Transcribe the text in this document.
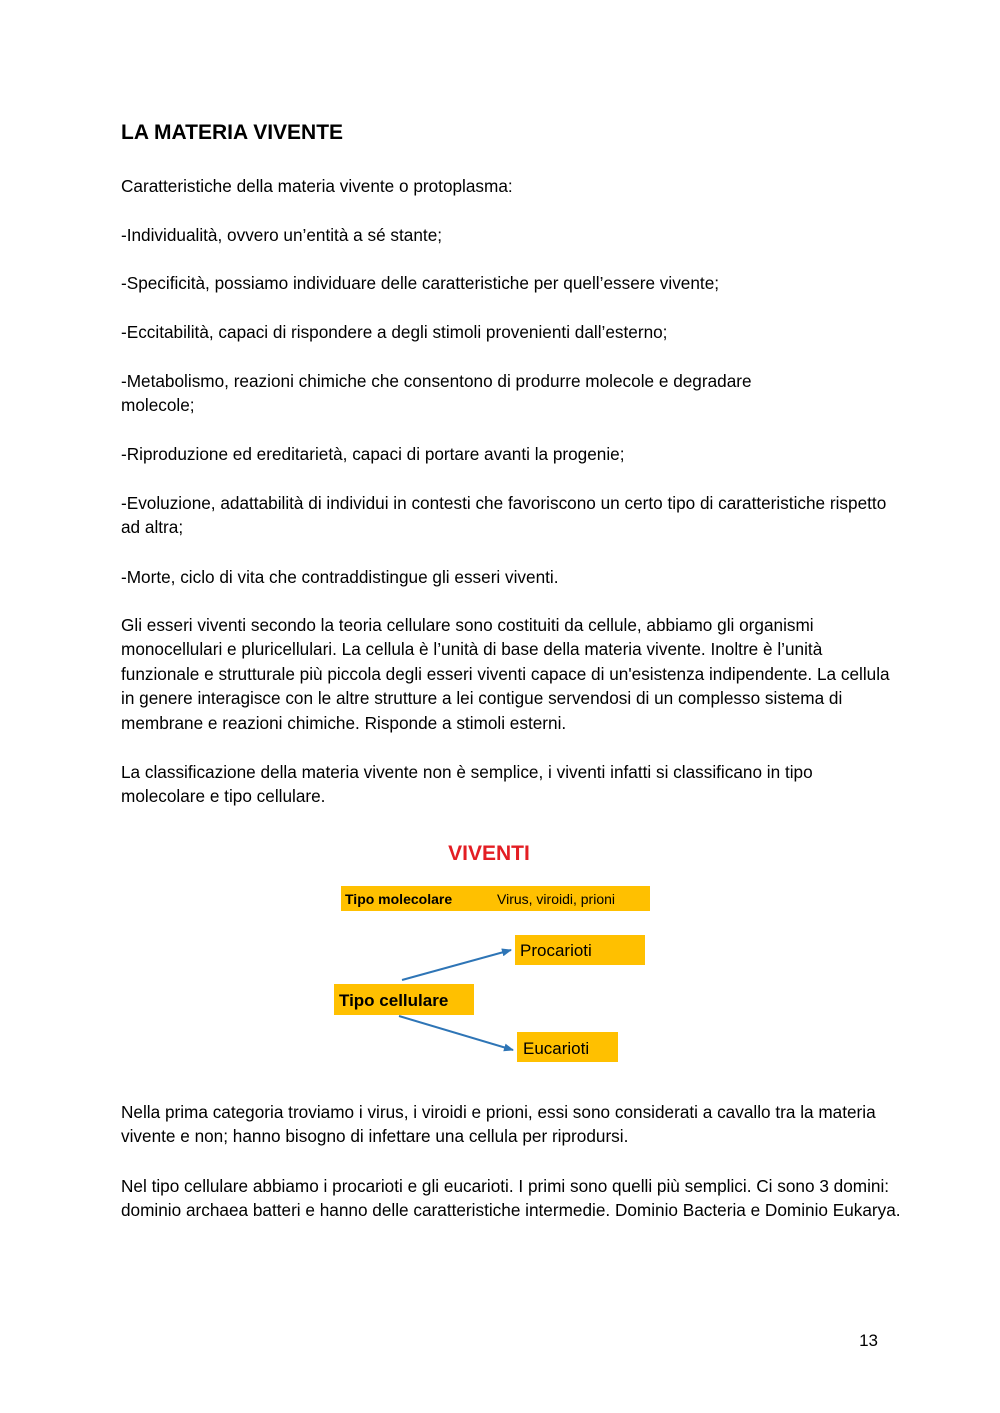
LA MATERIA VIVENTE

Caratteristiche della materia vivente o protoplasma:

-Individualità, ovvero un’entità a sé stante;

-Specificità, possiamo individuare delle caratteristiche per quell’essere vivente;

-Eccitabilità, capaci di rispondere a degli stimoli provenienti dall’esterno;

-Metabolismo, reazioni chimiche che consentono di produrre molecole e degradare molecole;

-Riproduzione ed ereditarietà, capaci di portare avanti la progenie;

-Evoluzione, adattabilità di individui in contesti che favoriscono un certo tipo di caratteristiche rispetto ad altra;

-Morte, ciclo di vita che contraddistingue gli esseri viventi.

Gli esseri viventi secondo la teoria cellulare sono costituiti da cellule, abbiamo gli organismi monocellulari e pluricellulari. La cellula è l’unità di base della materia vivente. Inoltre è l’unità funzionale e strutturale più piccola degli esseri viventi capace di un'esistenza indipendente. La cellula in genere interagisce con le altre strutture a lei contigue servendosi di un complesso sistema di membrane e reazioni chimiche. Risponde a stimoli esterni.

La classificazione della materia vivente non è semplice, i viventi infatti si classificano in tipo molecolare e tipo cellulare.

VIVENTI
Tipo molecolare	Virus, viroidi, prioni
Procarioti
Tipo cellulare
Eucarioti

Nella prima categoria troviamo i virus, i viroidi e prioni, essi sono considerati a cavallo tra la materia vivente e non; hanno bisogno di infettare una cellula per riprodursi.

Nel tipo cellulare abbiamo i procarioti e gli eucarioti. I primi sono quelli più semplici. Ci sono 3 domini: dominio archaea batteri e hanno delle caratteristiche intermedie. Dominio Bacteria e Dominio Eukarya.

13
